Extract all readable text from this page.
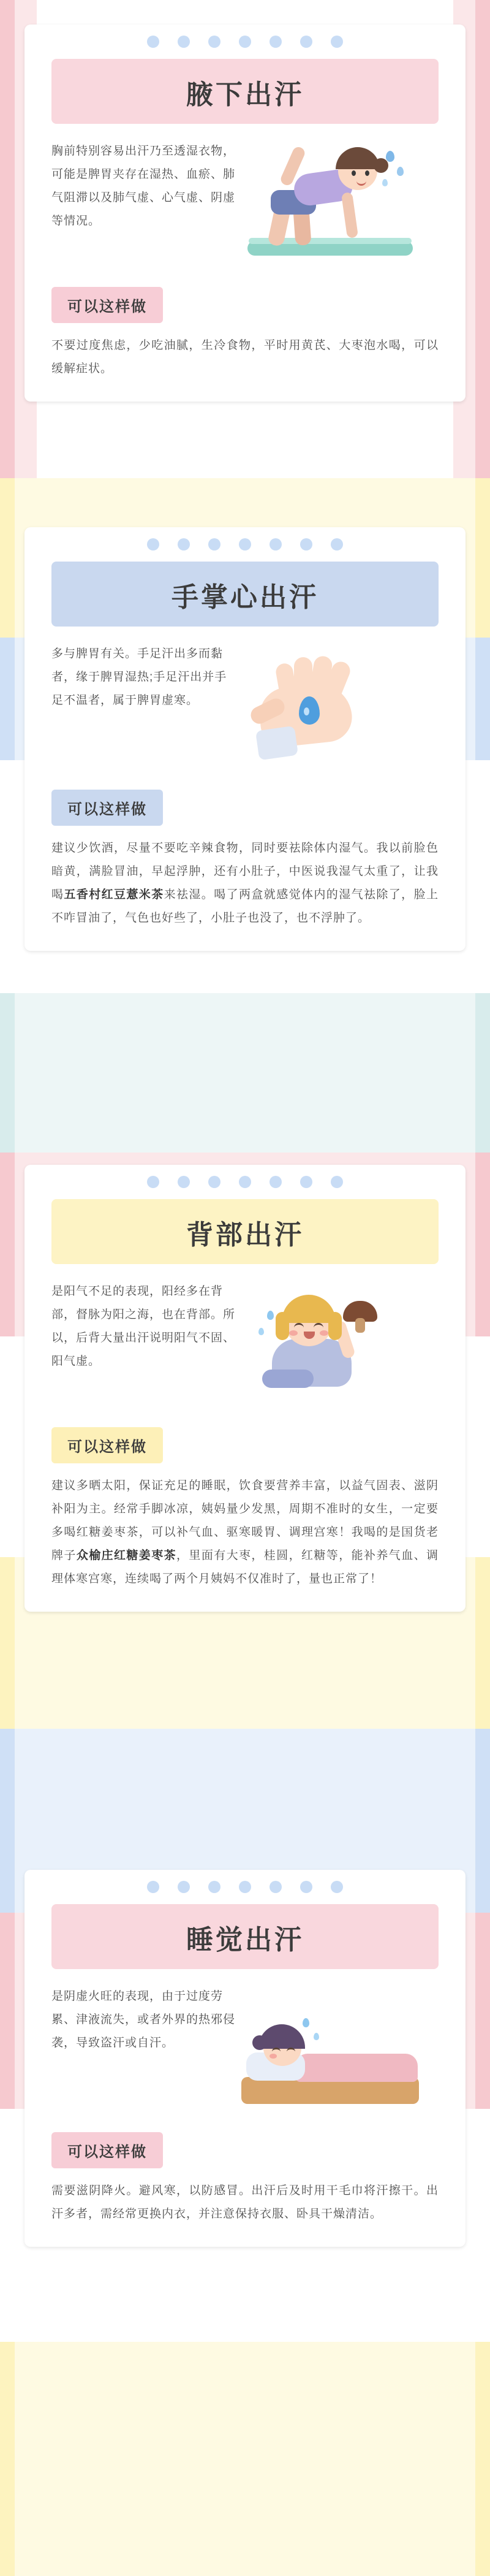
腋下出汗
胸前特别容易出汗乃至透湿衣物，可能是脾胃夹存在湿热、血瘀、肺气阻滞以及肺气虚、心气虚、阴虚等情况。
可以这样做
不要过度焦虑，少吃油腻，生冷食物，平时用黄芪、大枣泡水喝，可以缓解症状。
手掌心出汗
多与脾胃有关。手足汗出多而黏者，缘于脾胃湿热;手足汗出并手足不温者，属于脾胃虚寒。
可以这样做
建议少饮酒，尽量不要吃辛辣食物，同时要祛除体内湿气。我以前脸色暗黄，满脸冒油，早起浮肿，还有小肚子，中医说我湿气太重了，让我喝五香村红豆薏米茶来祛湿。喝了两盒就感觉体内的湿气祛除了，脸上不咋冒油了，气色也好些了，小肚子也没了，也不浮肿了。
背部出汗
是阳气不足的表现，阳经多在背部，督脉为阳之海，也在背部。所以，后背大量出汗说明阳气不固、阳气虚。
可以这样做
建议多晒太阳，保证充足的睡眠，饮食要营养丰富，以益气固表、滋阴补阳为主。经常手脚冰凉，姨妈量少发黑，周期不准时的女生，一定要多喝红糖姜枣茶，可以补气血、驱寒暖胃、调理宫寒！我喝的是国货老牌子众榆庄红糖姜枣茶，里面有大枣，桂圆，红糖等，能补养气血、调理体寒宫寒，连续喝了两个月姨妈不仅准时了，量也正常了！
睡觉出汗
是阴虚火旺的表现，由于过度劳累、津液流失，或者外界的热邪侵袭，导致盗汗或自汗。
可以这样做
需要滋阴降火。避风寒，以防感冒。出汗后及时用干毛巾将汗擦干。出汗多者，需经常更换内衣，并注意保持衣服、卧具干燥清洁。
